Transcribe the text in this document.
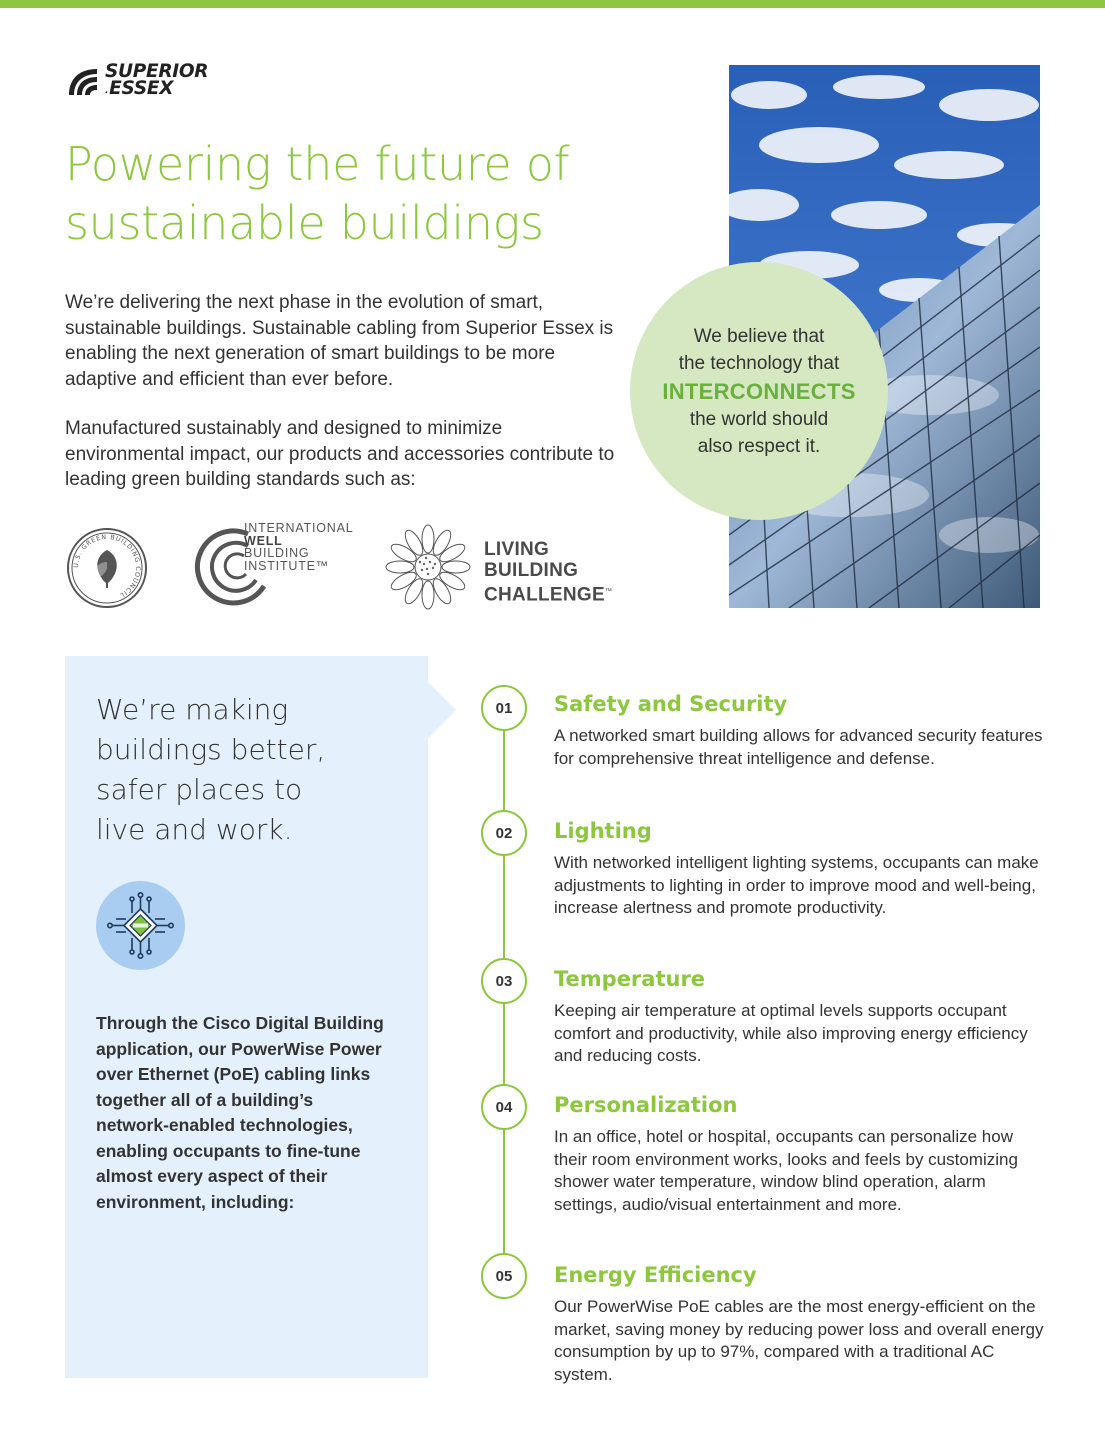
SUPERIOR
.ESSEX
Powering the future of
sustainable buildings

We’re delivering the next phase in the evolution of smart, sustainable buildings. Sustainable cabling from Superior Essex is enabling the next generation of smart buildings to be more adaptive and efficient than ever before.

Manufactured sustainably and designed to minimize environmental impact, our products and accessories contribute to leading green building standards such as:

U.S. GREEN BUILDING COUNCIL
INTERNATIONAL
WELL
BUILDING
INSTITUTE™
LIVING
BUILDING
CHALLENGE™
We believe that
the technology that
INTERCONNECTS
the world should
also respect it.
We’re making
buildings better,
safer places to
live and work.

Through the Cisco Digital Building application, our PowerWise Power over Ethernet (PoE) cabling links together all of a building’s network-enabled technologies, enabling occupants to fine-tune almost every aspect of their environment, including:

01	Safety and Security

A networked smart building allows for advanced security features for comprehensive threat intelligence and defense.

02	Lighting

With networked intelligent lighting systems, occupants can make adjustments to lighting in order to improve mood and well-being, increase alertness and promote productivity.

03	Temperature

Keeping air temperature at optimal levels supports occupant comfort and productivity, while also improving energy efficiency and reducing costs.

04	Personalization

In an office, hotel or hospital, occupants can personalize how their room environment works, looks and feels by customizing shower water temperature, window blind operation, alarm settings, audio/visual entertainment and more.

05	Energy Efficiency

Our PowerWise PoE cables are the most energy-efficient on the market, saving money by reducing power loss and overall energy consumption by up to 97%, compared with a traditional AC system.
